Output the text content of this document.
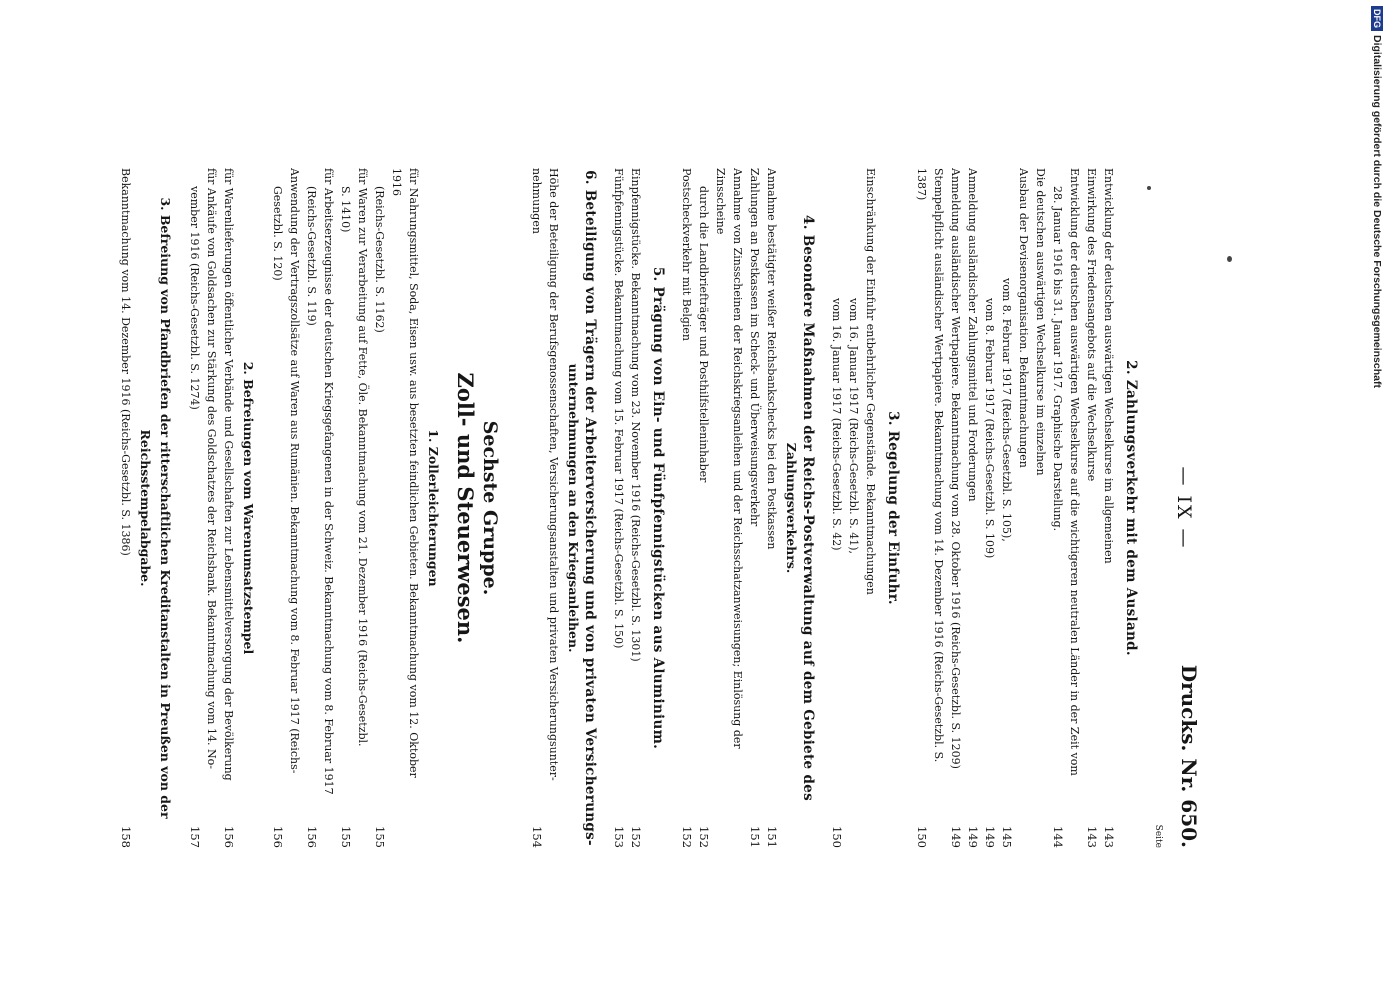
— IX —
Drucks. Nr. 650.
Seite
2. Zahlungsverkehr mit dem Ausland.
Entwicklung der deutschen auswärtigen Wechselkurse im allgemeinen
143
Einwirkung des Friedensangebots auf die Wechselkurse
143
Entwicklung der deutschen auswärtigen Wechselkurse auf die wichtigeren neutralen Länder in der Zeit vom
28. Januar 1916 bis 31. Januar 1917. Graphische Darstellung.
144
Die deutschen auswärtigen Wechselkurse im einzelnen
Ausbau der Devisenorganisation. Bekanntmachungen
vom 8. Februar 1917 (Reichs-Gesetzbl. S. 105),
145
vom 8. Februar 1917 (Reichs-Gesetzbl. S. 109)
149
Anmeldung ausländischer Zahlungsmittel und Forderungen
149
Anmeldung ausländischer Wertpapiere. Bekanntmachung vom 28. Oktober 1916 (Reichs-Gesetzbl. S. 1209)
149
Stempelpflicht ausländischer Wertpapiere. Bekanntmachung vom 14. Dezember 1916 (Reichs-Gesetzbl. S. 1387)
150
3. Regelung der Einfuhr.
Einschränkung der Einfuhr entbehrlicher Gegenstände. Bekanntmachungen
vom 16. Januar 1917 (Reichs-Gesetzbl. S. 41),
vom 16. Januar 1917 (Reichs-Gesetzbl. S. 42)
150
4. Besondere Maßnahmen der Reichs-Postverwaltung auf dem Gebiete des
Zahlungsverkehrs.
Annahme bestätigter weißer Reichsbankschecks bei den Postkassen
151
Zahlungen an Postkassen im Scheck- und Überweisungsverkehr
151
Annahme von Zinsscheinen der Reichskriegsanleihen und der Reichsschatzanweisungen; Einlösung der Zinsscheine
durch die Landbriefträger und Posthilfstelleninhaber
152
Postscheckverkehr mit Belgien
152
5. Prägung von Ein- und Fünfpfennigstücken aus Aluminium.
Einpfennigstücke. Bekanntmachung vom 23. November 1916 (Reichs-Gesetzbl. S. 1301)
152
Fünfpfennigstücke. Bekanntmachung vom 15. Februar 1917 (Reichs-Gesetzbl. S. 150)
153
6. Beteiligung von Trägern der Arbeiterversicherung und von privaten Versicherungs-
unternehmungen an den Kriegsanleihen.
Höhe der Beteiligung der Berufsgenossenschaften, Versicherungsanstalten und privaten Versicherungsunter-
nehmungen
154
Sechste Gruppe.
Zoll- und Steuerwesen.
1. Zollerleichterungen
für Nahrungsmittel, Soda, Eisen usw. aus besetzten feindlichen Gebieten. Bekanntmachung vom 12. Oktober 1916
(Reichs-Gesetzbl. S. 1162)
155
für Waren zur Verarbeitung auf Fette, Öle. Bekanntmachung vom 21. Dezember 1916 (Reichs-Gesetzbl.
S. 1410)
155
für Arbeitserzeugnisse der deutschen Kriegsgefangenen in der Schweiz. Bekanntmachung vom 8. Februar 1917
(Reichs-Gesetzbl. S. 119)
156
Anwendung der Vertragszollsätze auf Waren aus Rumänien. Bekanntmachung vom 8. Februar 1917 (Reichs-
Gesetzbl. S. 120)
156
2. Befreiungen vom Warenumsatzstempel
für Warenlieferungen öffentlicher Verbände und Gesellschaften zur Lebensmittelversorgung der Bevölkerung
156
für Ankäufe von Goldsachen zur Stärkung des Goldschatzes der Reichsbank. Bekanntmachung vom 14. No-
vember 1916 (Reichs-Gesetzbl. S. 1274)
157
3. Befreiung von Pfandbriefen der ritterschaftlichen Kreditanstalten in Preußen von der
Reichsstempelabgabe.
Bekanntmachung vom 14. Dezember 1916 (Reichs-Gesetzbl. S. 1386)
158
DFGDigitalisierung gefördert durch die Deutsche Forschungsgemeinschaft
